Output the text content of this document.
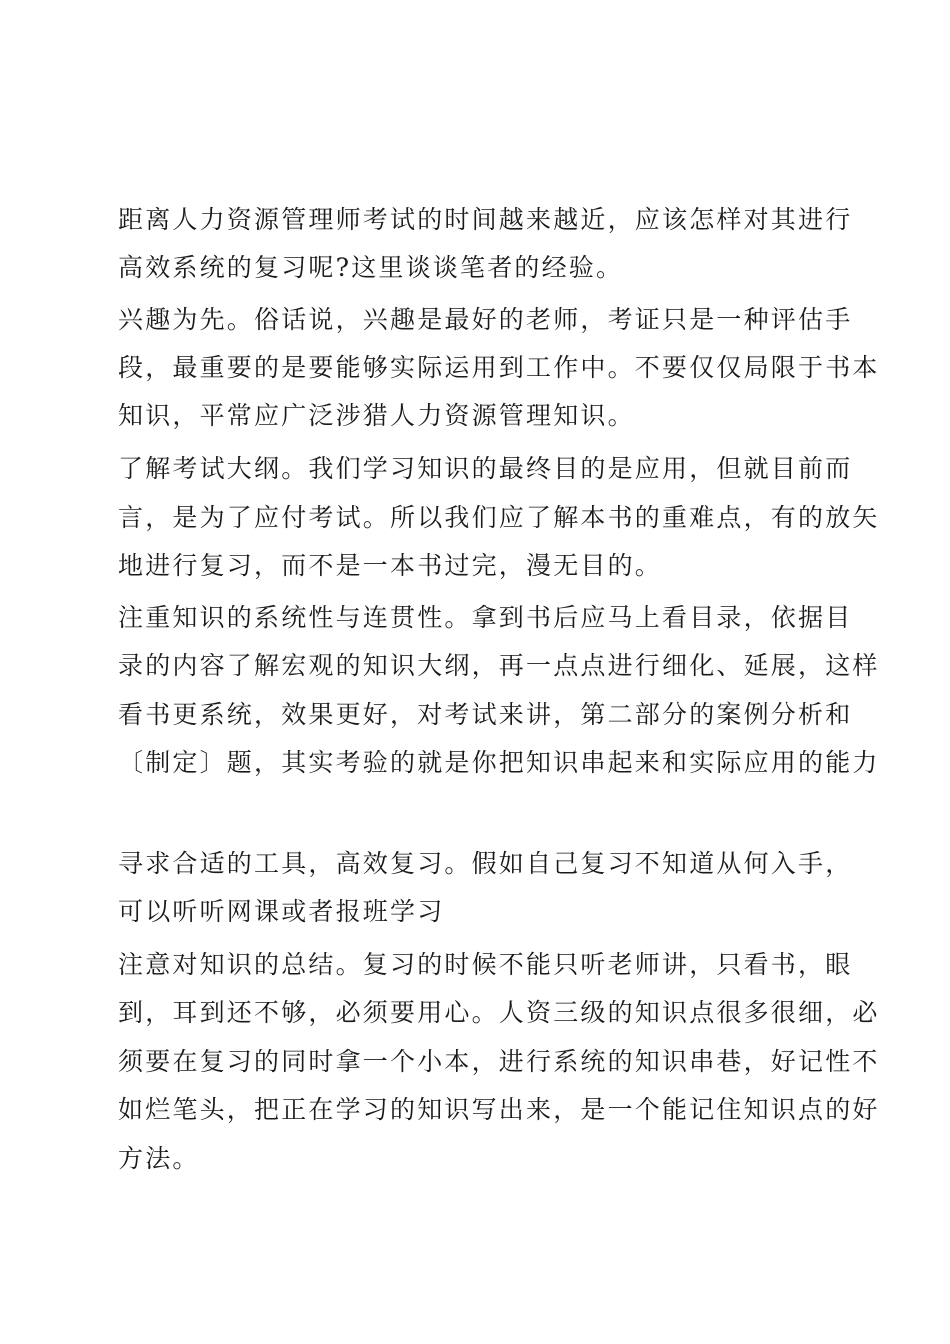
距离人力资源管理师考试的时间越来越近，应该怎样对其进行
高效系统的复习呢?这里谈谈笔者的经验。
兴趣为先。俗话说，兴趣是最好的老师，考证只是一种评估手
段，最重要的是要能够实际运用到工作中。不要仅仅局限于书本
知识，平常应广泛涉猎人力资源管理知识。
了解考试大纲。我们学习知识的最终目的是应用，但就目前而
言，是为了应付考试。所以我们应了解本书的重难点，有的放矢
地进行复习，而不是一本书过完，漫无目的。
注重知识的系统性与连贯性。拿到书后应马上看目录，依据目
录的内容了解宏观的知识大纲，再一点点进行细化、延展，这样
看书更系统，效果更好，对考试来讲，第二部分的案例分析和
〔制定〕题，其实考验的就是你把知识串起来和实际应用的能力
寻求合适的工具，高效复习。假如自己复习不知道从何入手，
可以听听网课或者报班学习
注意对知识的总结。复习的时候不能只听老师讲，只看书，眼
到，耳到还不够，必须要用心。人资三级的知识点很多很细，必
须要在复习的同时拿一个小本，进行系统的知识串巷，好记性不
如烂笔头，把正在学习的知识写出来，是一个能记住知识点的好
方法。
